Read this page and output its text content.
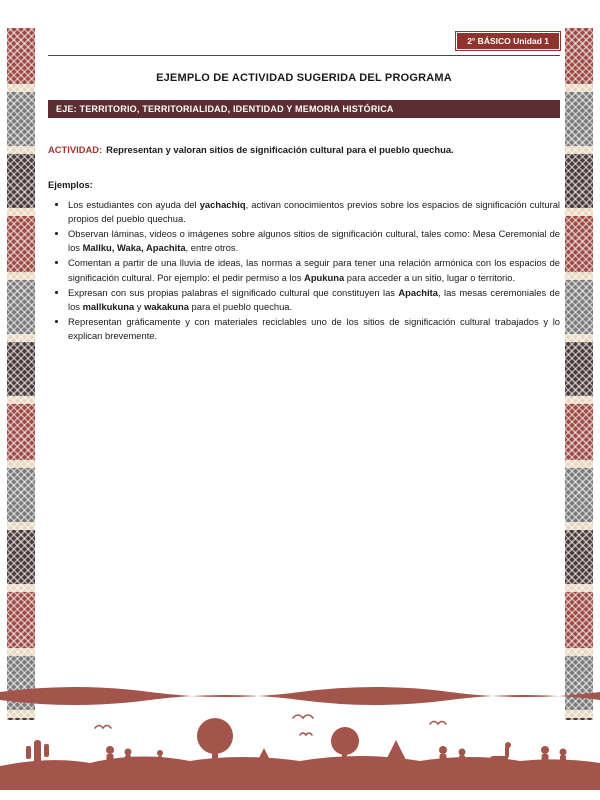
2° BÁSICO Unidad 1
EJEMPLO DE ACTIVIDAD SUGERIDA DEL PROGRAMA
EJE: TERRITORIO, TERRITORIALIDAD, IDENTIDAD Y MEMORIA HISTÓRICA
ACTIVIDAD: Representan y valoran sitios de significación cultural para el pueblo quechua.
Ejemplos:
• Los estudiantes con ayuda del yachachiq, activan conocimientos previos sobre los espacios de significación cultural propios del pueblo quechua.
• Observan láminas, videos o imágenes sobre algunos sitios de significación cultural, tales como: Mesa Ceremonial de los Mallku, Waka, Apachita, entre otros.
• Comentan a partir de una lluvia de ideas, las normas a seguir para tener una relación armónica con los espacios de significación cultural. Por ejemplo: el pedir permiso a los Apukuna para acceder a un sitio, lugar o territorio.
• Expresan con sus propias palabras el significado cultural que constituyen las Apachita, las mesas ceremoniales de los mallkukuna y wakakuna para el pueblo quechua.
• Representan gráficamente y con materiales reciclables uno de los sitios de significación cultural trabajados y lo explican brevemente.
